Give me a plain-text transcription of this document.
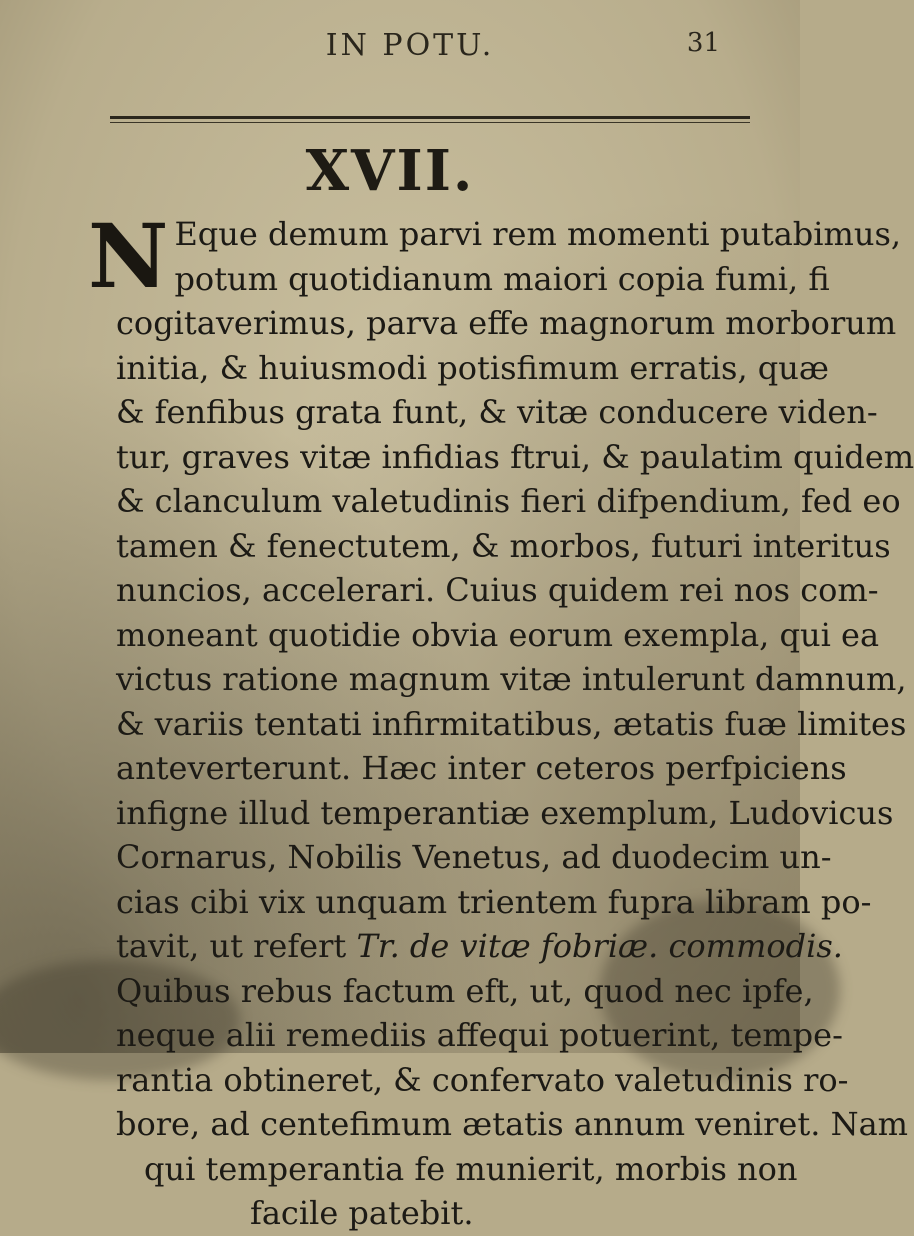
IN POTU.	31
XVII.
N Eque demum parvi rem momenti putabimus,
potum quotidianum maiori copia fumi, fi
cogitaverimus, parva effe magnorum morborum
initia, & huiusmodi potisfimum erratis, quæ
& fenfibus grata funt, & vitæ conducere viden-
tur, graves vitæ infidias ftrui, & paulatim quidem
& clanculum valetudinis fieri difpendium, fed eo
tamen & fenectutem, & morbos, futuri interitus
nuncios, accelerari. Cuius quidem rei nos com-
moneant quotidie obvia eorum exempla, qui ea
victus ratione magnum vitæ intulerunt damnum,
& variis tentati infirmitatibus, ætatis fuæ limites
anteverterunt. Hæc inter ceteros perfpiciens
infigne illud temperantiæ exemplum, Ludovicus
Cornarus, Nobilis Venetus, ad duodecim un-
cias cibi vix unquam trientem fupra libram po-
tavit, ut refert Tr. de vitæ fobriæ. commodis.
Quibus rebus factum eft, ut, quod nec ipfe,
neque alii remediis affequi potuerint, tempe-
rantia obtineret, & confervato valetudinis ro-
bore, ad centefimum ætatis annum veniret. Nam
qui temperantia fe munierit, morbis non
facile patebit.
